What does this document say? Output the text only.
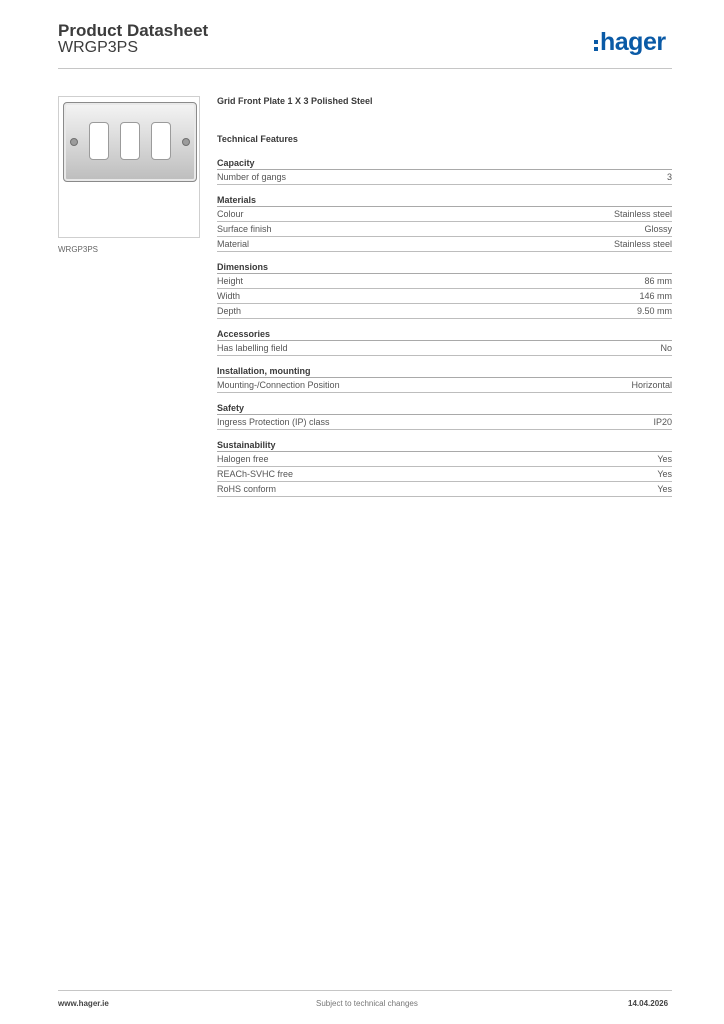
Product Datasheet
WRGP3PS	hager
WRGP3PS
Grid Front Plate 1 X 3 Polished Steel
Technical Features
Capacity
Number of gangs	3
Materials
Colour	Stainless steel
Surface finish	Glossy
Material	Stainless steel
Dimensions
Height	86 mm
Width	146 mm
Depth	9.50 mm
Accessories
Has labelling field	No
Installation, mounting
Mounting-/Connection Position	Horizontal
Safety
Ingress Protection (IP) class	IP20
Sustainability
Halogen free	Yes
REACh-SVHC free	Yes
RoHS conform	Yes
www.hager.ie	Subject to technical changes	14.04.2026
